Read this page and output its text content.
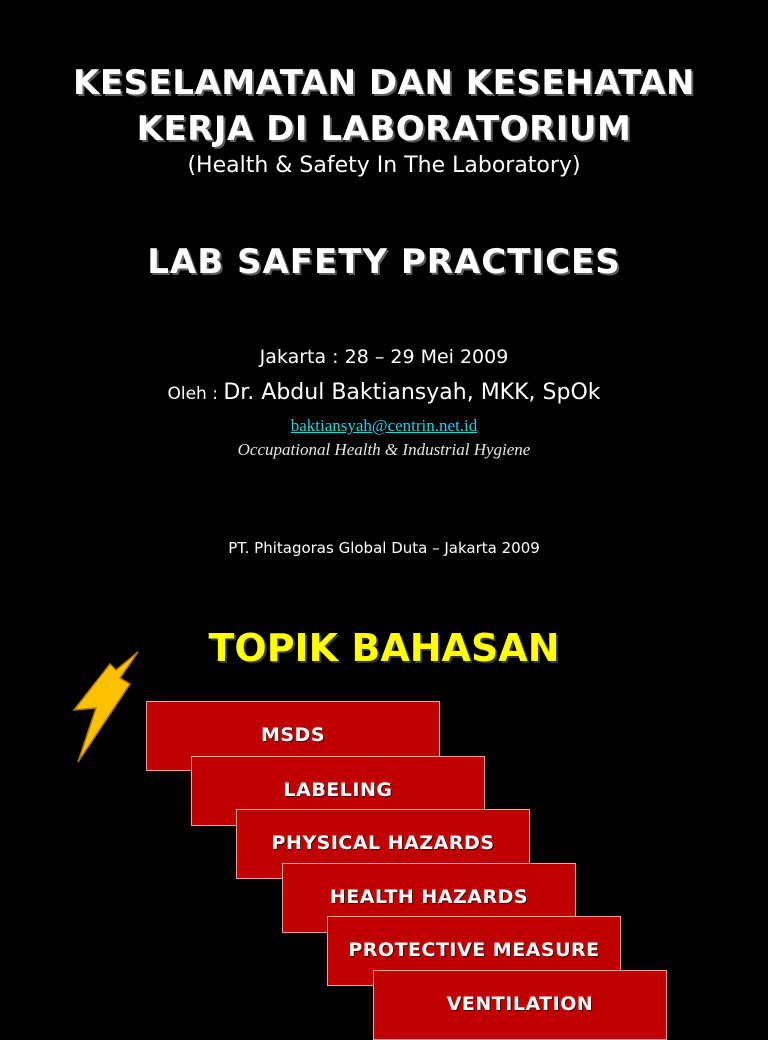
KESELAMATAN DAN KESEHATAN
KERJA DI LABORATORIUM
(Health & Safety In The Laboratory)
LAB SAFETY PRACTICES
Jakarta : 28 – 29 Mei 2009
Oleh : Dr. Abdul Baktiansyah, MKK, SpOk
baktiansyah@centrin.net.id
Occupational Health & Industrial Hygiene
PT. Phitagoras Global Duta – Jakarta 2009
TOPIK BAHASAN
MSDS
LABELING
PHYSICAL HAZARDS
HEALTH HAZARDS
PROTECTIVE MEASURE
VENTILATION
